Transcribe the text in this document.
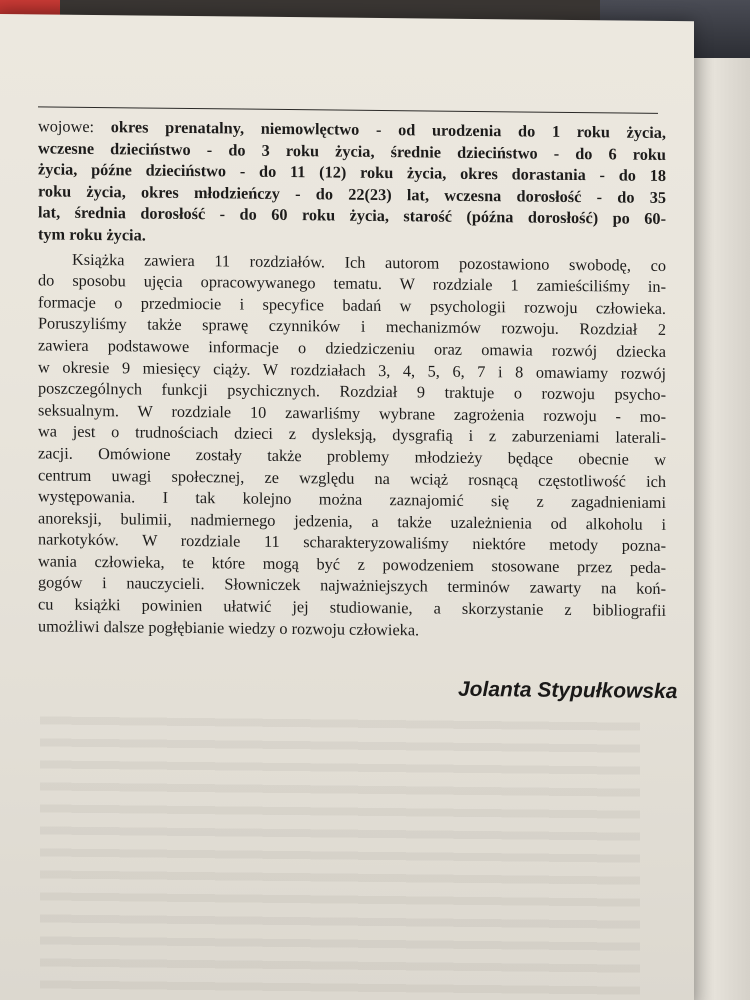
wojowe: okres prenatalny, niemowlęctwo - od urodzenia do 1 roku życia,
wczesne dzieciństwo - do 3 roku życia, średnie dzieciństwo - do 6 roku
życia, późne dzieciństwo - do 11 (12) roku życia, okres dorastania - do 18
roku życia, okres młodzieńczy - do 22(23) lat, wczesna dorosłość - do 35
lat, średnia dorosłość - do 60 roku życia, starość (późna dorosłość) po 60-
tym roku życia.
Książka zawiera 11 rozdziałów. Ich autorom pozostawiono swobodę, co
do sposobu ujęcia opracowywanego tematu. W rozdziale 1 zamieściliśmy in-
formacje o przedmiocie i specyfice badań w psychologii rozwoju człowieka.
Poruszyliśmy także sprawę czynników i mechanizmów rozwoju. Rozdział 2
zawiera podstawowe informacje o dziedziczeniu oraz omawia rozwój dziecka
w okresie 9 miesięcy ciąży. W rozdziałach 3, 4, 5, 6, 7 i 8 omawiamy rozwój
poszczególnych funkcji psychicznych. Rozdział 9 traktuje o rozwoju psycho-
seksualnym. W rozdziale 10 zawarliśmy wybrane zagrożenia rozwoju - mo-
wa jest o trudnościach dzieci z dysleksją, dysgrafią i z zaburzeniami laterali-
zacji. Omówione zostały także problemy młodzieży będące obecnie w
centrum uwagi społecznej, ze względu na wciąż rosnącą częstotliwość ich
występowania. I tak kolejno można zaznajomić się z zagadnieniami
anoreksji, bulimii, nadmiernego jedzenia, a także uzależnienia od alkoholu i
narkotyków. W rozdziale 11 scharakteryzowaliśmy niektóre metody pozna-
wania człowieka, te które mogą być z powodzeniem stosowane przez peda-
gogów i nauczycieli. Słowniczek najważniejszych terminów zawarty na koń-
cu książki powinien ułatwić jej studiowanie, a skorzystanie z bibliografii
umożliwi dalsze pogłębianie wiedzy o rozwoju człowieka.
Jolanta Stypułkowska
